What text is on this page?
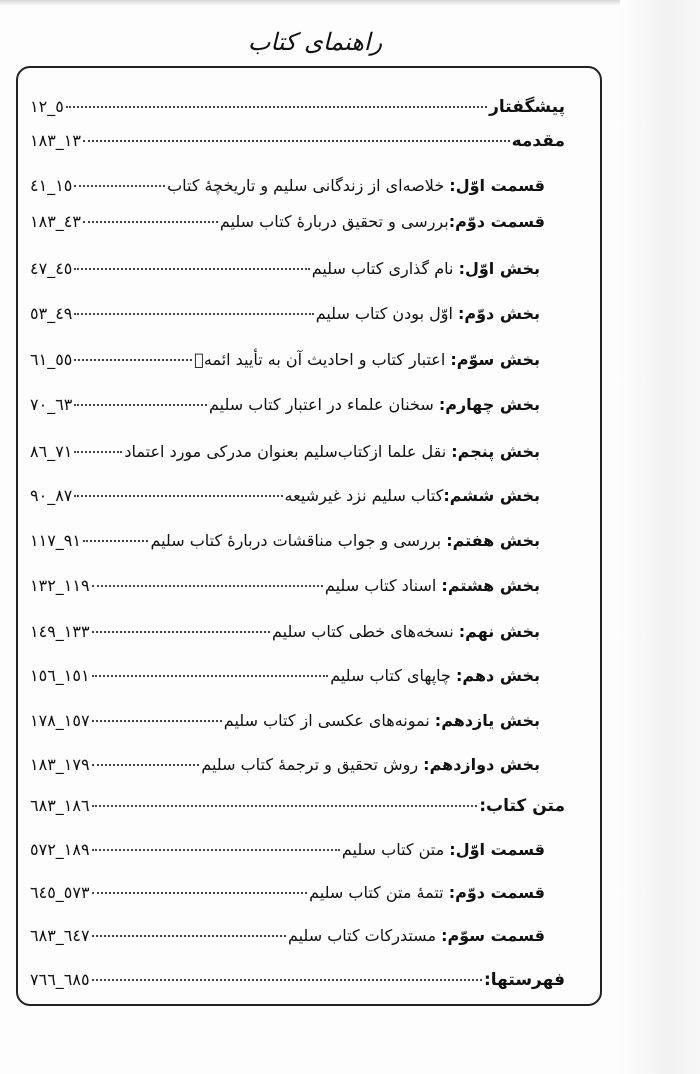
راهنمای کتاب
پیشگفتار
٥_١٢
مقدمه
١٣_١٨٣
قسمت اوّل: خلاصه‌ای از زندگانی سلیم و تاریخچهٔ کتاب
١٥_٤١
قسمت دوّم:بررسی و تحقیق دربارهٔ کتاب سلیم
٤٣_١٨٣
بخش اوّل: نام گذاری کتاب سلیم
٤٥_٤٧
بخش دوّم: اوّل بودن کتاب سلیم
٤٩_٥٣
بخش سوّم: اعتبار کتاب و احادیث آن به تأیید ائمهؑ
٥٥_٦١
بخش چهارم: سخنان علماء در اعتبار کتاب سلیم
٦٣_٧٠
بخش پنجم: نقل علما ازکتاب‌سلیم بعنوان مدرکی مورد اعتماد
٧١_٨٦
بخش ششم:کتاب سلیم نزد غیرشیعه
٨٧_٩٠
بخش هفتم: بررسی و جواب مناقشات دربارهٔ کتاب سلیم
٩١_١١٧
بخش هشتم: اسناد کتاب سلیم
١١٩_١٣٢
بخش نهم: نسخه‌های خطی کتاب سلیم
١٣٣_١٤٩
بخش دهم: چاپهای کتاب سلیم
١٥١_١٥٦
بخش یازدهم: نمونه‌های عکسی از کتاب سلیم
١٥٧_١٧٨
بخش دوازدهم: روش تحقیق و ترجمهٔ کتاب سلیم
١٧٩_١٨٣
متن کتاب:
١٨٦_٦٨٣
قسمت اوّل: متن کتاب سلیم
١٨٩_٥٧٢
قسمت دوّم: تتمهٔ متن کتاب سلیم
٥٧٣_٦٤٥
قسمت سوّم: مستدرکات کتاب سلیم
٦٤٧_٦٨٣
فهرستها:
٦٨٥_٧٦٦
